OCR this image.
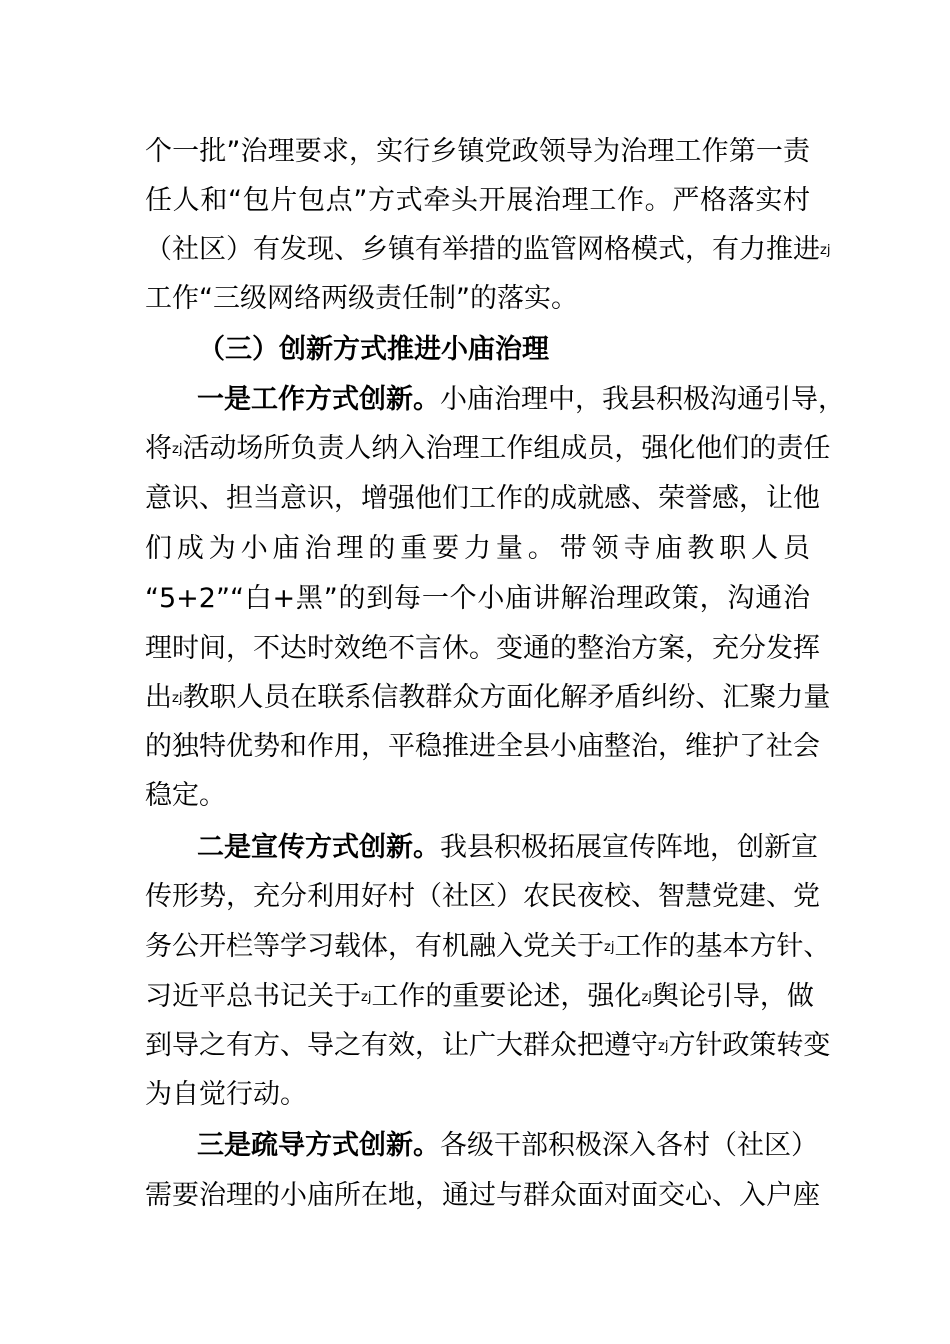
个一批”治理要求，实行乡镇党政领导为治理工作第一责
任人和“包片包点”方式牵头开展治理工作。严格落实村
（社区）有发现、乡镇有举措的监管网格模式，有力推进zj
工作“三级网络两级责任制”的落实。
（三）创新方式推进小庙治理
一是工作方式创新。小庙治理中，我县积极沟通引导，
将zj活动场所负责人纳入治理工作组成员，强化他们的责任
意识、担当意识，增强他们工作的成就感、荣誉感，让他
们成为小庙治理的重要力量。带领寺庙教职人员
“5+2”“白+黑”的到每一个小庙讲解治理政策，沟通治
理时间，不达时效绝不言休。变通的整治方案，充分发挥
出zj教职人员在联系信教群众方面化解矛盾纠纷、汇聚力量
的独特优势和作用，平稳推进全县小庙整治，维护了社会
稳定。
二是宣传方式创新。我县积极拓展宣传阵地，创新宣
传形势，充分利用好村（社区）农民夜校、智慧党建、党
务公开栏等学习载体，有机融入党关于zj工作的基本方针、
习近平总书记关于zj工作的重要论述，强化zj舆论引导，做
到导之有方、导之有效，让广大群众把遵守zj方针政策转变
为自觉行动。
三是疏导方式创新。各级干部积极深入各村（社区）
需要治理的小庙所在地，通过与群众面对面交心、入户座
